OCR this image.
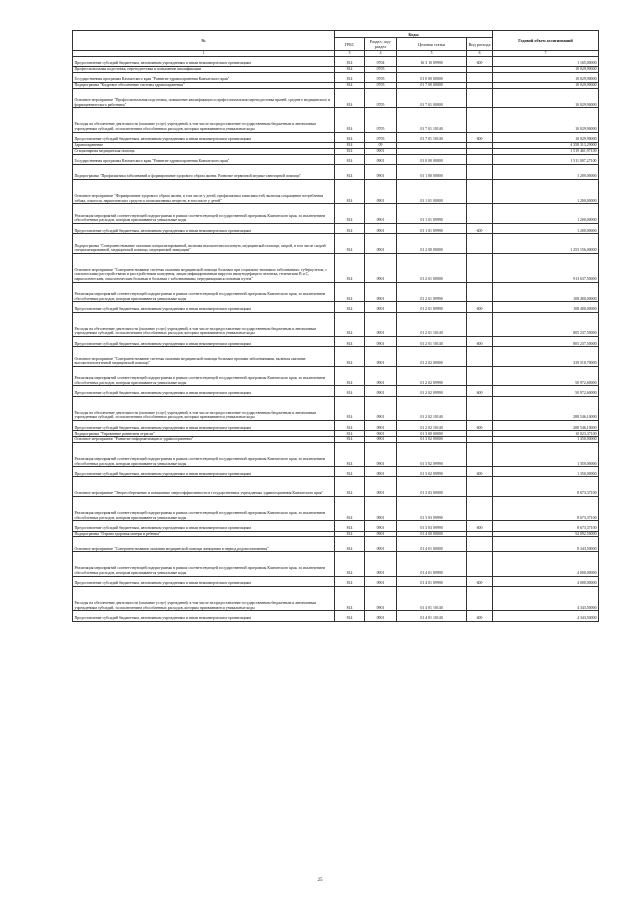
№	Коды				Годовой объем ассигнований
	ГРБС	Раздел, под-раздел	Целевая статья	Вид расхода	
1	3	4	5	6	7
Предоставление субсидий бюджетным, автономным учреждениям и иным некоммерческим организациям	814	0704	16 3 10 09990	600	1 165,00000
Профессиональная подготовка, переподготовка и повышение квалификации	814	0705			10 029,90000
Государственная программа Камчатского края "Развитие здравоохранения Камчатского края"	814	0705	01 0 00 00000		10 029,90000
Подпрограмма "Кадровое обеспечение системы здравоохранения"	814	0705	01 7 00 00000		10 029,90000
Основное мероприятие "Профессиональная подготовка, повышение квалификации и профессиональная переподготовка врачей, среднего медицинского и фармацевтического работника"	814	0705	01 7 01 00000		10 029,90000
Расходы на обеспечение деятельности (оказание услуг) учреждений, в том числе на предоставление государственным бюджетным и автономным учреждениям субсидий, за исключением обособленных расходов, которым присваиваются уникальные коды	814	0705	01 7 01 10140		10 029,90000
Предоставление субсидий бюджетным, автономным учреждениям и иным некоммерческим организациям	814	0705	01 7 01 10140	600	10 029,90000
Здравоохранение	814	09			4 358 313,29000
Стационарная медицинская помощь	814	0901			1 519 461,97100
Государственная программа Камчатского края "Развитие здравоохранения Камчатского края"	814	0901	01 0 00 00000		1 511 007,27100
Подпрограмма "Профилактика заболеваний и формирование здорового образа жизни. Развитие первичной медико-санитарной помощи"	814	0901	01 1 00 00000		1 200,00000
Основное мероприятие "Формирование здорового образа жизни, в том числе у детей, профилактика зависимостей, включая сокращение потребления табака, алкоголя, наркотических средств и психоактивных веществ, в том числе у детей"	814	0901	01 1 01 00000		1 200,00000
Реализация мероприятий соответствующей подпрограммы в рамках соответствующей государственной программы Камчатского края, за исключением обособленных расходов, которым присваиваются уникальные коды	814	0901	01 1 01 09990		1 200,00000
Предоставление субсидий бюджетным, автономным учреждениям и иным некоммерческим организациям	814	0901	01 1 01 09990	600	1 200,00000
Подпрограмма "Совершенствование оказания специализированной, включая высокотехнологичную, медицинской помощи, скорой, в том числе скорой специализированной, медицинской помощи, медицинской эвакуации"	814	0901	01 2 00 00000		1 253 156,00000
Основное мероприятие "Совершенствование системы оказания медицинской помощи больным при социально-значимых заболеваниях: туберкулезом, с психическими расстройствами и расстройствами поведения, лицам инфицированным вирусом иммунодефицита человека, гепатитами В и С, наркологическим, онкологическим больным и больным с заболеваниями, передающимися половым путем"	814	0901	01 2 01 00000		913 637,50000
Реализация мероприятий соответствующей подпрограммы в рамках соответствующей государственной программы Камчатского края, за исключением обособленных расходов, которым присваиваются уникальные коды	814	0901	01 2 01 09990		108 400,00000
Предоставление субсидий бюджетным, автономным учреждениям и иным некоммерческим организациям	814	0901	01 2 01 09990	600	108 400,00000
Расходы на обеспечение деятельности (оказание услуг) учреждений, в том числе на предоставление государственным бюджетным и автономным учреждениям субсидий, за исключением обособленных расходов, которым присваиваются уникальные коды	814	0901	01 2 01 10140		805 237,50000
Предоставление субсидий бюджетным, автономным учреждениям и иным некоммерческим организациям	814	0901	01 2 01 10140	600	805 237,50000
Основное мероприятие "Совершенствование системы оказания медицинской помощи больным прочими заболеваниями, включая оказание высокотехнологичной медицинской помощи"	814	0901	01 2 02 00000		339 518,70000
Реализация мероприятий соответствующей подпрограммы в рамках соответствующей государственной программы Камчатского края, за исключением обособленных расходов, которым присваиваются уникальные коды	814	0901	01 2 02 09990		50 972,60000
Предоставление субсидий бюджетным, автономным учреждениям и иным некоммерческим организациям	814	0901	01 2 02 09990	600	50 972,60000
Расходы на обеспечение деятельности (оказание услуг) учреждений, в том числе на предоставление государственным бюджетным и автономным учреждениям субсидий, за исключением обособленных расходов, которым присваиваются уникальные коды	814	0901	01 2 02 10140		288 546,10000
Предоставление субсидий бюджетным, автономным учреждениям и иным некоммерческим организациям	814	0901	01 2 02 10140	600	288 546,10000
Подпрограмма "Управление развитием отрасли"	814	0901	01 3 00 00000		10 023,37100
Основное мероприятие "Развитие информатизации в здравоохранении"	814	0901	01 3 02 00000		1 350,00000
Реализация мероприятий соответствующей подпрограммы в рамках соответствующей государственной программы Камчатского края, за исключением обособленных расходов, которым присваиваются уникальные коды	814	0901	01 3 02 09990		1 350,00000
Предоставление субсидий бюджетным, автономным учреждениям и иным некоммерческим организациям	814	0901	01 3 02 09990	600	1 350,00000
Основное мероприятие "Энергосбережение и повышение энергоэффективности в государственных учреждениях здравоохранения Камчатского края"	814	0901	01 3 03 00000		8 673,37100
Реализация мероприятий соответствующей подпрограммы в рамках соответствующей государственной программы Камчатского края, за исключением обособленных расходов, которым присваиваются уникальные коды	814	0901	01 3 03 09990		8 673,37100
Предоставление субсидий бюджетным, автономным учреждениям и иным некоммерческим организациям	814	0901	01 3 03 09990	600	8 673,37100
Подпрограмма "Охрана здоровья матери и ребенка"	814	0901	01 4 00 00000		54 092,50000
Основное мероприятие "Совершенствование оказания медицинской помощи женщинам в период родовспоможения"	814	0901	01 4 01 00000		8 343,50000
Реализация мероприятий соответствующей подпрограммы в рамках соответствующей государственной программы Камчатского края, за исключением обособленных расходов, которым присваиваются уникальные коды	814	0901	01 4 01 09990		4 000,00000
Предоставление субсидий бюджетным, автономным учреждениям и иным некоммерческим организациям	814	0901	01 4 01 09990	600	4 000,00000
Расходы на обеспечение деятельности (оказание услуг) учреждений, в том числе на предоставление государственным бюджетным и автономным учреждениям субсидий, за исключением обособленных расходов, которым присваиваются уникальные коды	814	0901	01 4 01 10140		4 343,50000
Предоставление субсидий бюджетным, автономным учреждениям и иным некоммерческим организациям	814	0901	01 4 01 10140	600	4 343,50000
25
